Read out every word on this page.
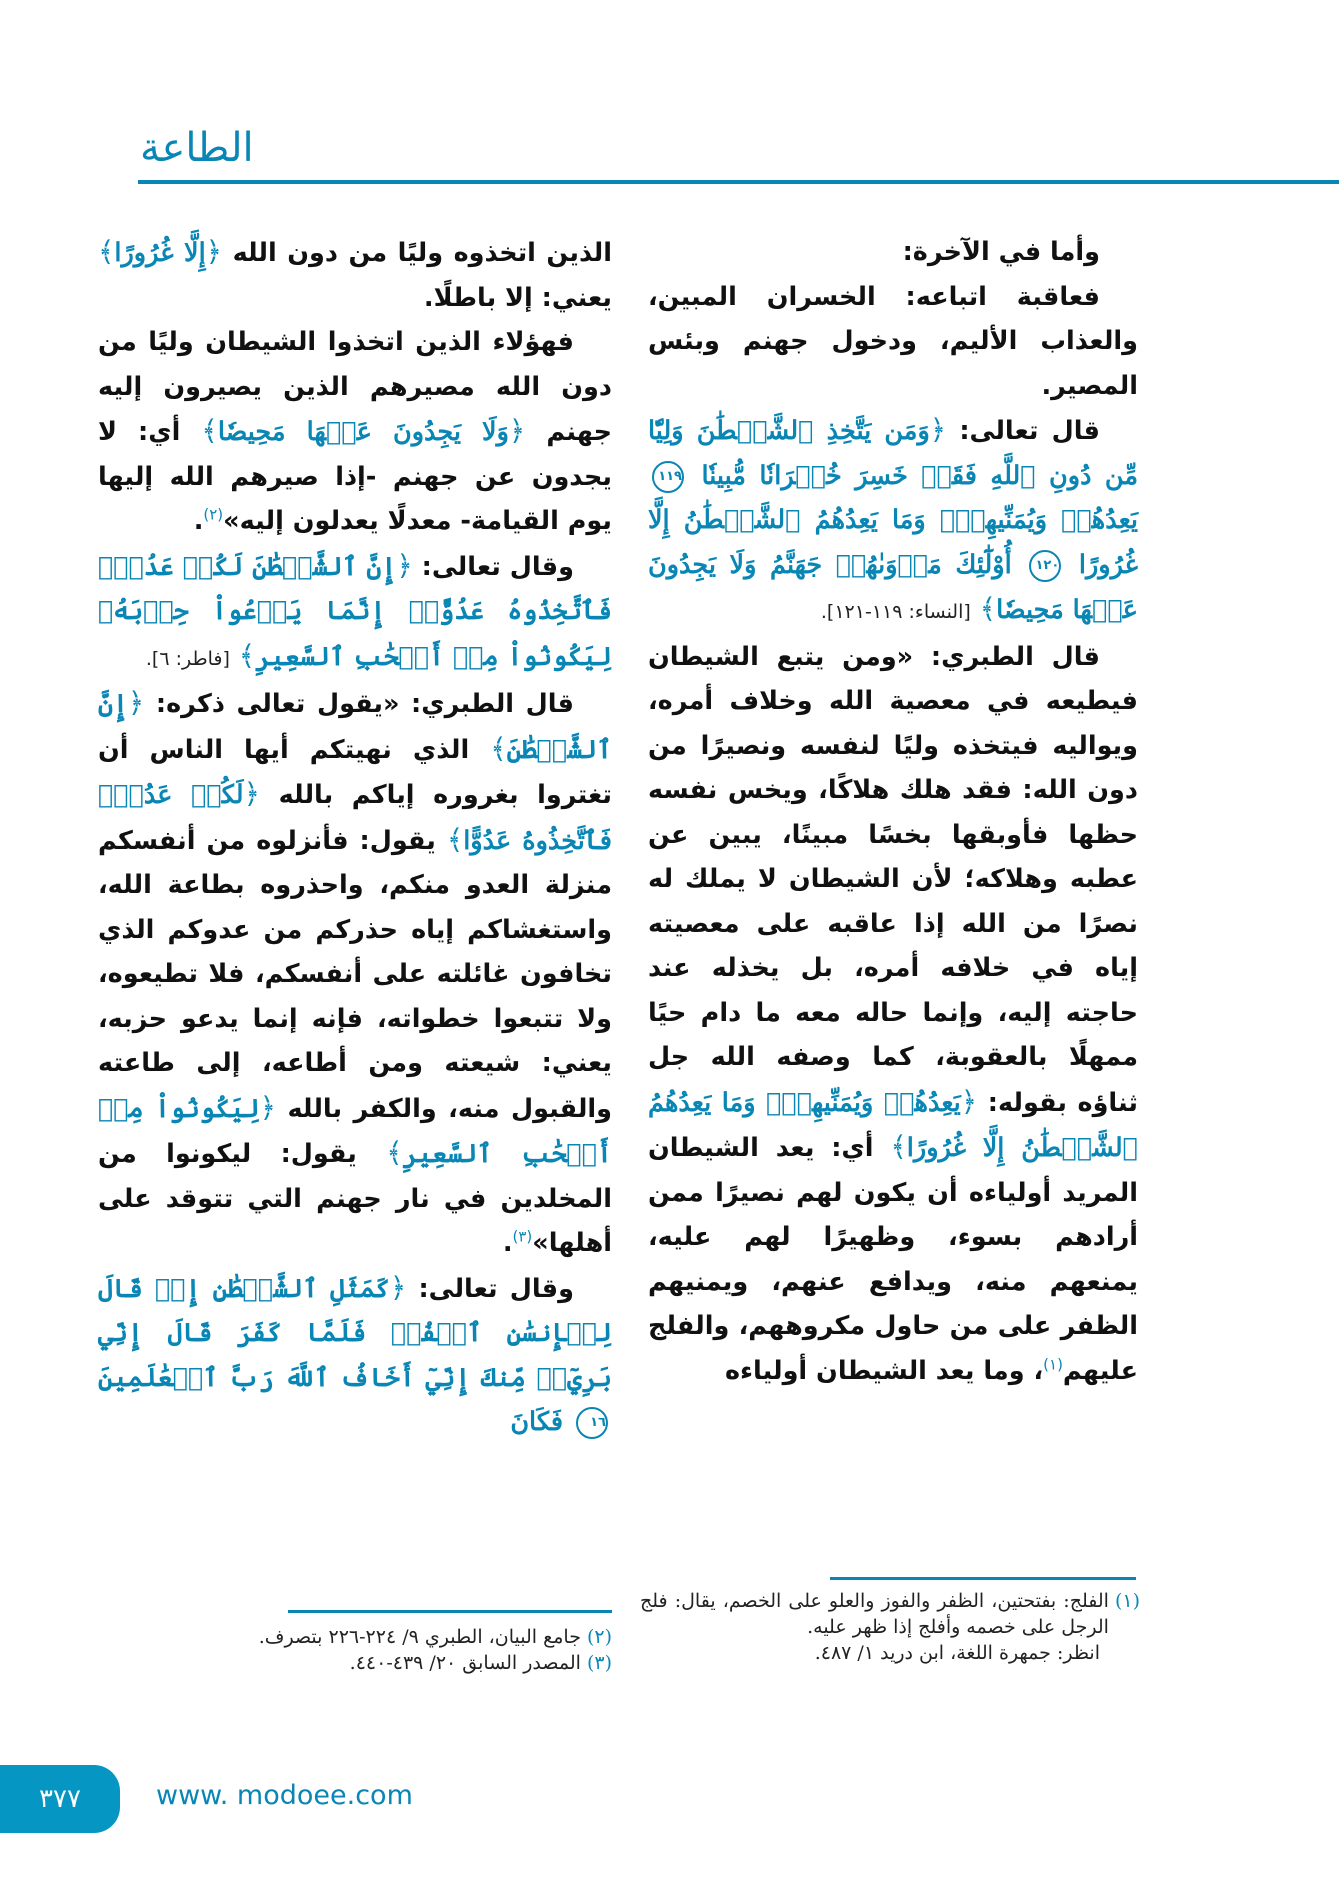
الطاعة

وأما في الآخرة:

فعاقبة اتباعه: الخسران المبين، والعذاب الأليم، ودخول جهنم وبئس المصير.

قال تعالى: ﴿وَمَن يَتَّخِذِ ٱلشَّيۡطَٰنَ وَلِيّٗا مِّن دُونِ ٱللَّهِ فَقَدۡ خَسِرَ خُسۡرَانٗا مُّبِينٗا ١١٩ يَعِدُهُمۡ وَيُمَنِّيهِمۡۖ وَمَا يَعِدُهُمُ ٱلشَّيۡطَٰنُ إِلَّا غُرُورًا ١٢٠ أُوْلَٰٓئِكَ مَأۡوَىٰهُمۡ جَهَنَّمُ وَلَا يَجِدُونَ عَنۡهَا مَحِيصٗا﴾ [النساء: ١١٩-١٢١].

قال الطبري: «ومن يتبع الشيطان فيطيعه في معصية الله وخلاف أمره، ويواليه فيتخذه وليًا لنفسه ونصيرًا من دون الله: فقد هلك هلاكًا، ويخس نفسه حظها فأوبقها بخسًا مبينًا، يبين عن عطبه وهلاكه؛ لأن الشيطان لا يملك له نصرًا من الله إذا عاقبه على معصيته إياه في خلافه أمره، بل يخذله عند حاجته إليه، وإنما حاله معه ما دام حيًا ممهلًا بالعقوبة، كما وصفه الله جل ثناؤه بقوله: ﴿يَعِدُهُمۡ وَيُمَنِّيهِمۡۖ وَمَا يَعِدُهُمُ ٱلشَّيۡطَٰنُ إِلَّا غُرُورًا﴾ أي: يعد الشيطان المريد أولياءه أن يكون لهم نصيرًا ممن أرادهم بسوء، وظهيرًا لهم عليه، يمنعهم منه، ويدافع عنهم، ويمنيهم الظفر على من حاول مكروههم، والفلج عليهم$^{(١)}$، وما يعد الشيطان أولياءه

الذين اتخذوه وليًا من دون الله ﴿إِلَّا غُرُورًا﴾ يعني: إلا باطلًا.

فهؤلاء الذين اتخذوا الشيطان وليًا من دون الله مصيرهم الذين يصيرون إليه جهنم ﴿وَلَا يَجِدُونَ عَنۡهَا مَحِيصٗا﴾ أي: لا يجدون عن جهنم -إذا صيرهم الله إليها يوم القيامة- معدلًا يعدلون إليه»$^{(٢)}$.

وقال تعالى: ﴿إِنَّ ٱلشَّيۡطَٰنَ لَكُمۡ عَدُوّٞ فَٱتَّخِذُوهُ عَدُوًّاۚ إِنَّمَا يَدۡعُواْ حِزۡبَهُۥ لِيَكُونُواْ مِنۡ أَصۡحَٰبِ ٱلسَّعِيرِ﴾ [فاطر: ٦].

قال الطبري: «يقول تعالى ذكره: ﴿إِنَّ ٱلشَّيۡطَٰنَ﴾ الذي نهيتكم أيها الناس أن تغتروا بغروره إياكم بالله ﴿لَكُمۡ عَدُوّٞ فَٱتَّخِذُوهُ عَدُوًّا﴾ يقول: فأنزلوه من أنفسكم منزلة العدو منكم، واحذروه بطاعة الله، واستغشاكم إياه حذركم من عدوكم الذي تخافون غائلته على أنفسكم، فلا تطيعوه، ولا تتبعوا خطواته، فإنه إنما يدعو حزبه، يعني: شيعته ومن أطاعه، إلى طاعته والقبول منه، والكفر بالله ﴿لِيَكُونُواْ مِنۡ أَصۡحَٰبِ ٱلسَّعِيرِ﴾ يقول: ليكونوا من المخلدين في نار جهنم التي تتوقد على أهلها»$^{(٣)}$.

وقال تعالى: ﴿كَمَثَلِ ٱلشَّيۡطَٰنِ إِذۡ قَالَ لِلۡإِنسَٰنِ ٱكۡفُرۡ فَلَمَّا كَفَرَ قَالَ إِنِّي بَرِيٓءٞ مِّنكَ إِنِّيٓ أَخَافُ ٱللَّهَ رَبَّ ٱلۡعَٰلَمِينَ ١٦ فَكَانَ

(١)
الفلج: بفتحتين، الظفر والفوز والعلو على الخصم، يقال: فلج الرجل على خصمه وأفلج إذا ظهر عليه.

انظر: جمهرة اللغة، ابن دريد ١/ ٤٨٧.

(٢)
جامع البيان، الطبري ٩/ ٢٢٤-٢٢٦ بتصرف.
(٣)
المصدر السابق ٢٠/ ٤٣٩-٤٤٠.
٣٧٧	www. modoee.com
